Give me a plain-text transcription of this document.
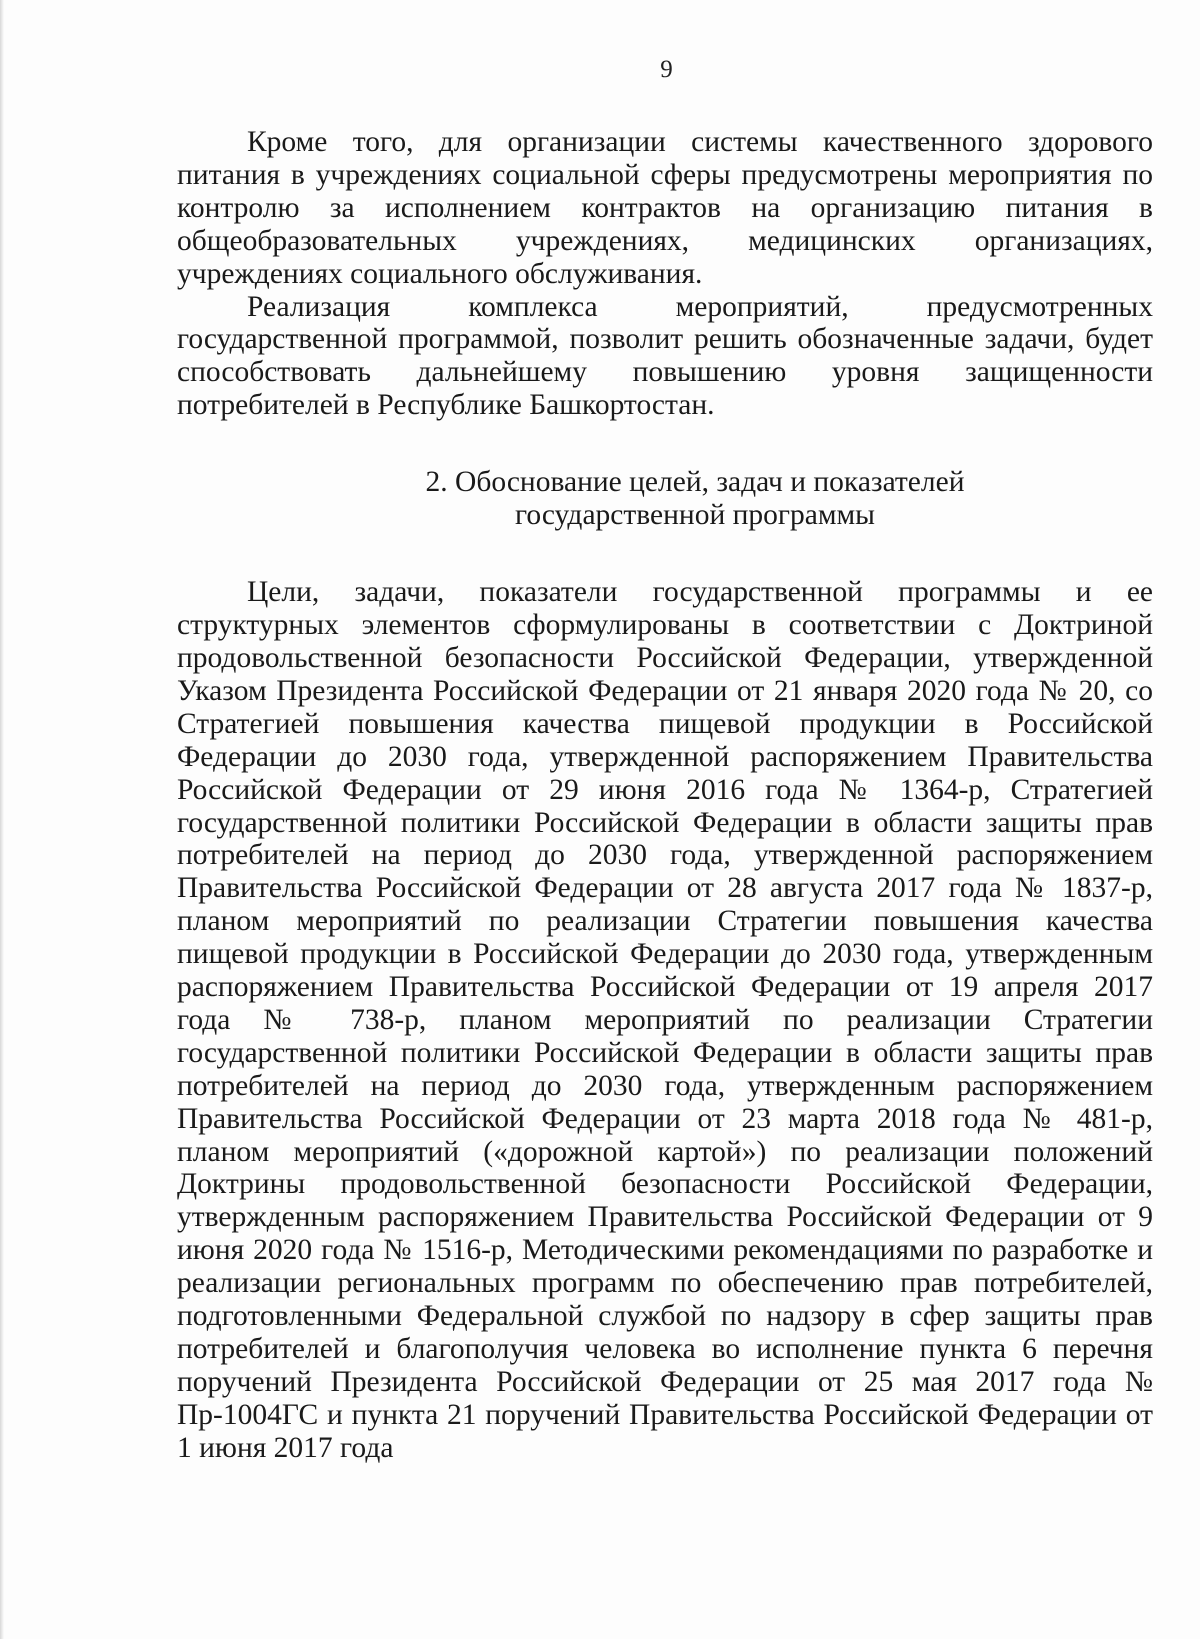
9

Кроме того, для организации системы качественного здорового питания в учреждениях социальной сферы предусмотрены мероприятия по контролю за исполнением контрактов на организацию питания в общеобразовательных учреждениях, медицинских организациях, учреждениях социального обслуживания.

Реализация комплекса мероприятий, предусмотренных государственной программой, позволит решить обозначенные задачи, будет способствовать дальнейшему повышению уровня защищенности потребителей в Республике Башкортостан.

2. Обоснование целей, задач и показателей
государственной программы

Цели, задачи, показатели государственной программы и ее структурных элементов сформулированы в соответствии с Доктриной продовольственной безопасности Российской Федерации, утвержденной Указом Президента Российской Федерации от 21 января 2020 года № 20, со Стратегией повышения качества пищевой продукции в Российской Федерации до 2030 года, утвержденной распоряжением Правительства Российской Федерации от 29 июня 2016 года № 1364-р, Стратегией государственной политики Российской Федерации в области защиты прав потребителей на период до 2030 года, утвержденной распоряжением Правительства Российской Федерации от 28 августа 2017 года № 1837-р, планом мероприятий по реализации Стратегии повышения качества пищевой продукции в Российской Федерации до 2030 года, утвержденным распоряжением Правительства Российской Федерации от 19 апреля 2017 года № 738-р, планом мероприятий по реализации Стратегии государственной политики Российской Федерации в области защиты прав потребителей на период до 2030 года, утвержденным распоряжением Правительства Российской Федерации от 23 марта 2018 года № 481-р, планом мероприятий («дорожной картой») по реализации положений Доктрины продовольственной безопасности Российской Федерации, утвержденным распоряжением Правительства Российской Федерации от 9 июня 2020 года № 1516-р, Методическими рекомендациями по разработке и реализации региональных программ по обеспечению прав потребителей, подготовленными Федеральной службой по надзору в сфер защиты прав потребителей и благополучия человека во исполнение пункта 6 перечня поручений Президента Российской Федерации от 25 мая 2017 года № Пр-1004ГС и пункта 21 поручений Правительства Российской Федерации от 1 июня 2017 года
